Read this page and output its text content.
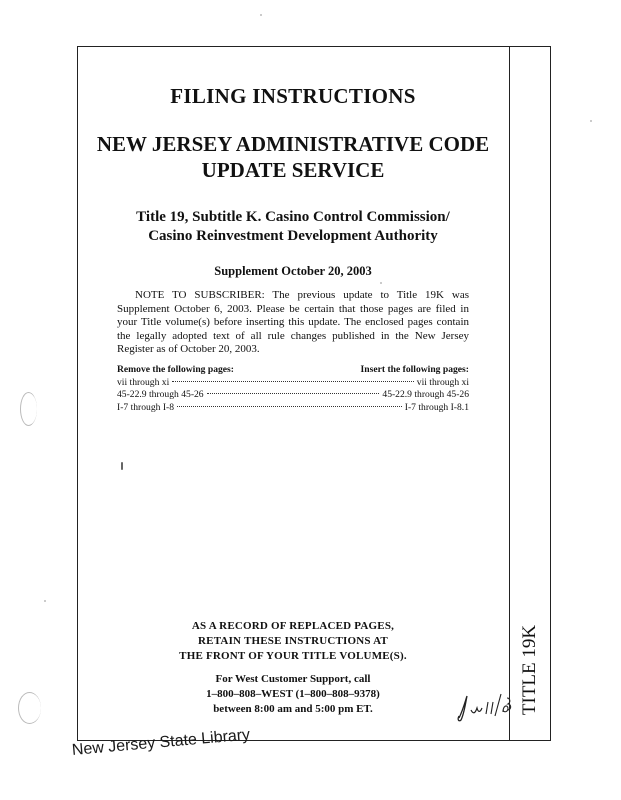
TITLE 19K
FILING INSTRUCTIONS
NEW JERSEY ADMINISTRATIVE CODE
UPDATE SERVICE
Title 19, Subtitle K. Casino Control Commission/
Casino Reinvestment Development Authority
Supplement October 20, 2003
NOTE TO SUBSCRIBER: The previous update to Title 19K was Supplement October 6, 2003. Please be certain that those pages are filed in your Title volume(s) before inserting this update. The enclosed pages contain the legally adopted text of all rule changes published in the New Jersey Register as of October 20, 2003.
Remove the following pages:	Insert the following pages:
vii through xi	vii through xi
45-22.9 through 45-26	45-22.9 through 45-26
I-7 through I-8	I-7 through I-8.1
AS A RECORD OF REPLACED PAGES,
RETAIN THESE INSTRUCTIONS AT
THE FRONT OF YOUR TITLE VOLUME(S).
For West Customer Support, call
1–800–808–WEST (1–800–808–9378)
between 8:00 am and 5:00 pm ET.
New Jersey State Library
